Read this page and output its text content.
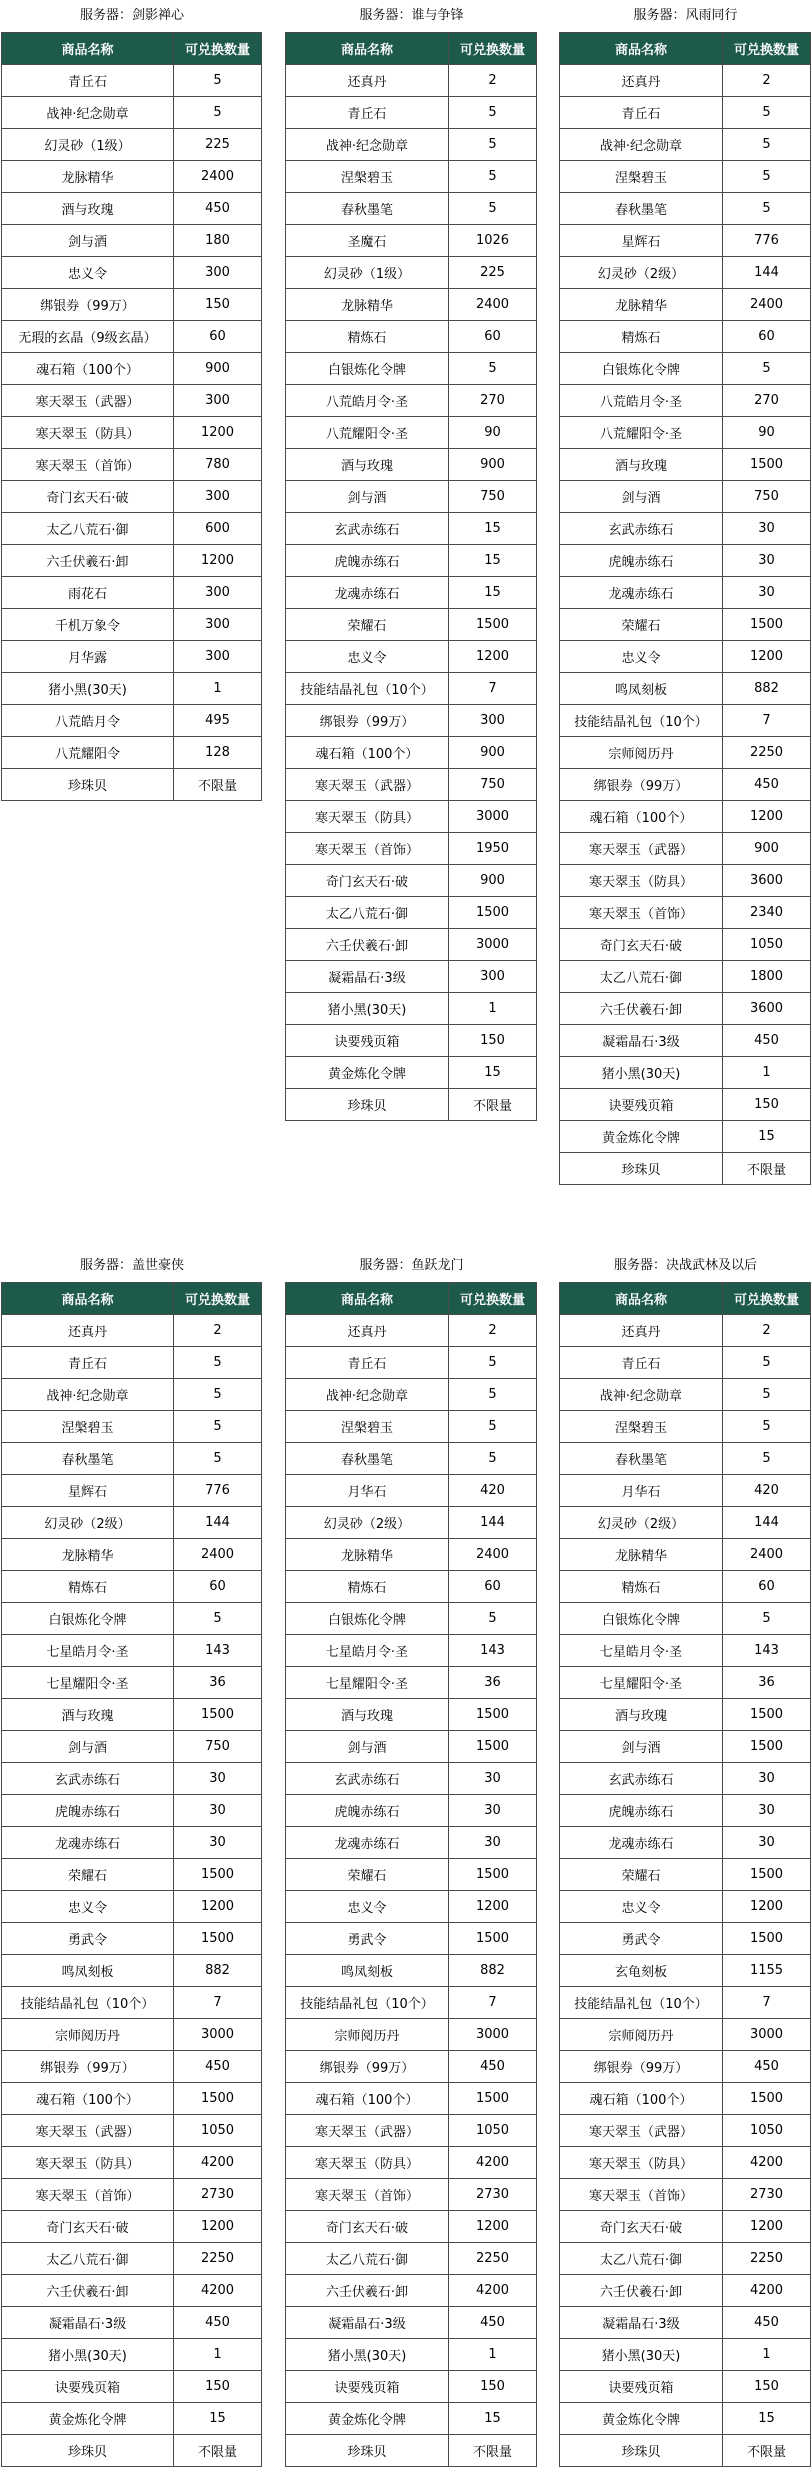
服务器：剑影禅心
商品名称	可兑换数量
青丘石	5
战神·纪念勋章	5
幻灵砂（1级）	225
龙脉精华	2400
酒与玫瑰	450
剑与酒	180
忠义令	300
绑银券（99万）	150
无瑕的玄晶（9级玄晶）	60
魂石箱（100个）	900
寒天翠玉（武器）	300
寒天翠玉（防具）	1200
寒天翠玉（首饰）	780
奇门玄天石·破	300
太乙八荒石·御	600
六壬伏羲石·卸	1200
雨花石	300
千机万象令	300
月华露	300
猪小黑(30天)	1
八荒皓月令	495
八荒耀阳令	128
珍珠贝	不限量
服务器：谁与争锋
商品名称	可兑换数量
还真丹	2
青丘石	5
战神·纪念勋章	5
涅槃碧玉	5
春秋墨笔	5
圣魔石	1026
幻灵砂（1级）	225
龙脉精华	2400
精炼石	60
白银炼化令牌	5
八荒皓月令·圣	270
八荒耀阳令·圣	90
酒与玫瑰	900
剑与酒	750
玄武赤练石	15
虎魄赤练石	15
龙魂赤练石	15
荣耀石	1500
忠义令	1200
技能结晶礼包（10个）	7
绑银券（99万）	300
魂石箱（100个）	900
寒天翠玉（武器）	750
寒天翠玉（防具）	3000
寒天翠玉（首饰）	1950
奇门玄天石·破	900
太乙八荒石·御	1500
六壬伏羲石·卸	3000
凝霜晶石·3级	300
猪小黑(30天)	1
诀要残页箱	150
黄金炼化令牌	15
珍珠贝	不限量
服务器：风雨同行
商品名称	可兑换数量
还真丹	2
青丘石	5
战神·纪念勋章	5
涅槃碧玉	5
春秋墨笔	5
星辉石	776
幻灵砂（2级）	144
龙脉精华	2400
精炼石	60
白银炼化令牌	5
八荒皓月令·圣	270
八荒耀阳令·圣	90
酒与玫瑰	1500
剑与酒	750
玄武赤练石	30
虎魄赤练石	30
龙魂赤练石	30
荣耀石	1500
忠义令	1200
鸣凤刻板	882
技能结晶礼包（10个）	7
宗师阅历丹	2250
绑银券（99万）	450
魂石箱（100个）	1200
寒天翠玉（武器）	900
寒天翠玉（防具）	3600
寒天翠玉（首饰）	2340
奇门玄天石·破	1050
太乙八荒石·御	1800
六壬伏羲石·卸	3600
凝霜晶石·3级	450
猪小黑(30天)	1
诀要残页箱	150
黄金炼化令牌	15
珍珠贝	不限量
服务器：盖世豪侠
商品名称	可兑换数量
还真丹	2
青丘石	5
战神·纪念勋章	5
涅槃碧玉	5
春秋墨笔	5
星辉石	776
幻灵砂（2级）	144
龙脉精华	2400
精炼石	60
白银炼化令牌	5
七星皓月令·圣	143
七星耀阳令·圣	36
酒与玫瑰	1500
剑与酒	750
玄武赤练石	30
虎魄赤练石	30
龙魂赤练石	30
荣耀石	1500
忠义令	1200
勇武令	1500
鸣凤刻板	882
技能结晶礼包（10个）	7
宗师阅历丹	3000
绑银券（99万）	450
魂石箱（100个）	1500
寒天翠玉（武器）	1050
寒天翠玉（防具）	4200
寒天翠玉（首饰）	2730
奇门玄天石·破	1200
太乙八荒石·御	2250
六壬伏羲石·卸	4200
凝霜晶石·3级	450
猪小黑(30天)	1
诀要残页箱	150
黄金炼化令牌	15
珍珠贝	不限量
服务器：鱼跃龙门
商品名称	可兑换数量
还真丹	2
青丘石	5
战神·纪念勋章	5
涅槃碧玉	5
春秋墨笔	5
月华石	420
幻灵砂（2级）	144
龙脉精华	2400
精炼石	60
白银炼化令牌	5
七星皓月令·圣	143
七星耀阳令·圣	36
酒与玫瑰	1500
剑与酒	1500
玄武赤练石	30
虎魄赤练石	30
龙魂赤练石	30
荣耀石	1500
忠义令	1200
勇武令	1500
鸣凤刻板	882
技能结晶礼包（10个）	7
宗师阅历丹	3000
绑银券（99万）	450
魂石箱（100个）	1500
寒天翠玉（武器）	1050
寒天翠玉（防具）	4200
寒天翠玉（首饰）	2730
奇门玄天石·破	1200
太乙八荒石·御	2250
六壬伏羲石·卸	4200
凝霜晶石·3级	450
猪小黑(30天)	1
诀要残页箱	150
黄金炼化令牌	15
珍珠贝	不限量
服务器：决战武林及以后
商品名称	可兑换数量
还真丹	2
青丘石	5
战神·纪念勋章	5
涅槃碧玉	5
春秋墨笔	5
月华石	420
幻灵砂（2级）	144
龙脉精华	2400
精炼石	60
白银炼化令牌	5
七星皓月令·圣	143
七星耀阳令·圣	36
酒与玫瑰	1500
剑与酒	1500
玄武赤练石	30
虎魄赤练石	30
龙魂赤练石	30
荣耀石	1500
忠义令	1200
勇武令	1500
玄龟刻板	1155
技能结晶礼包（10个）	7
宗师阅历丹	3000
绑银券（99万）	450
魂石箱（100个）	1500
寒天翠玉（武器）	1050
寒天翠玉（防具）	4200
寒天翠玉（首饰）	2730
奇门玄天石·破	1200
太乙八荒石·御	2250
六壬伏羲石·卸	4200
凝霜晶石·3级	450
猪小黑(30天)	1
诀要残页箱	150
黄金炼化令牌	15
珍珠贝	不限量
